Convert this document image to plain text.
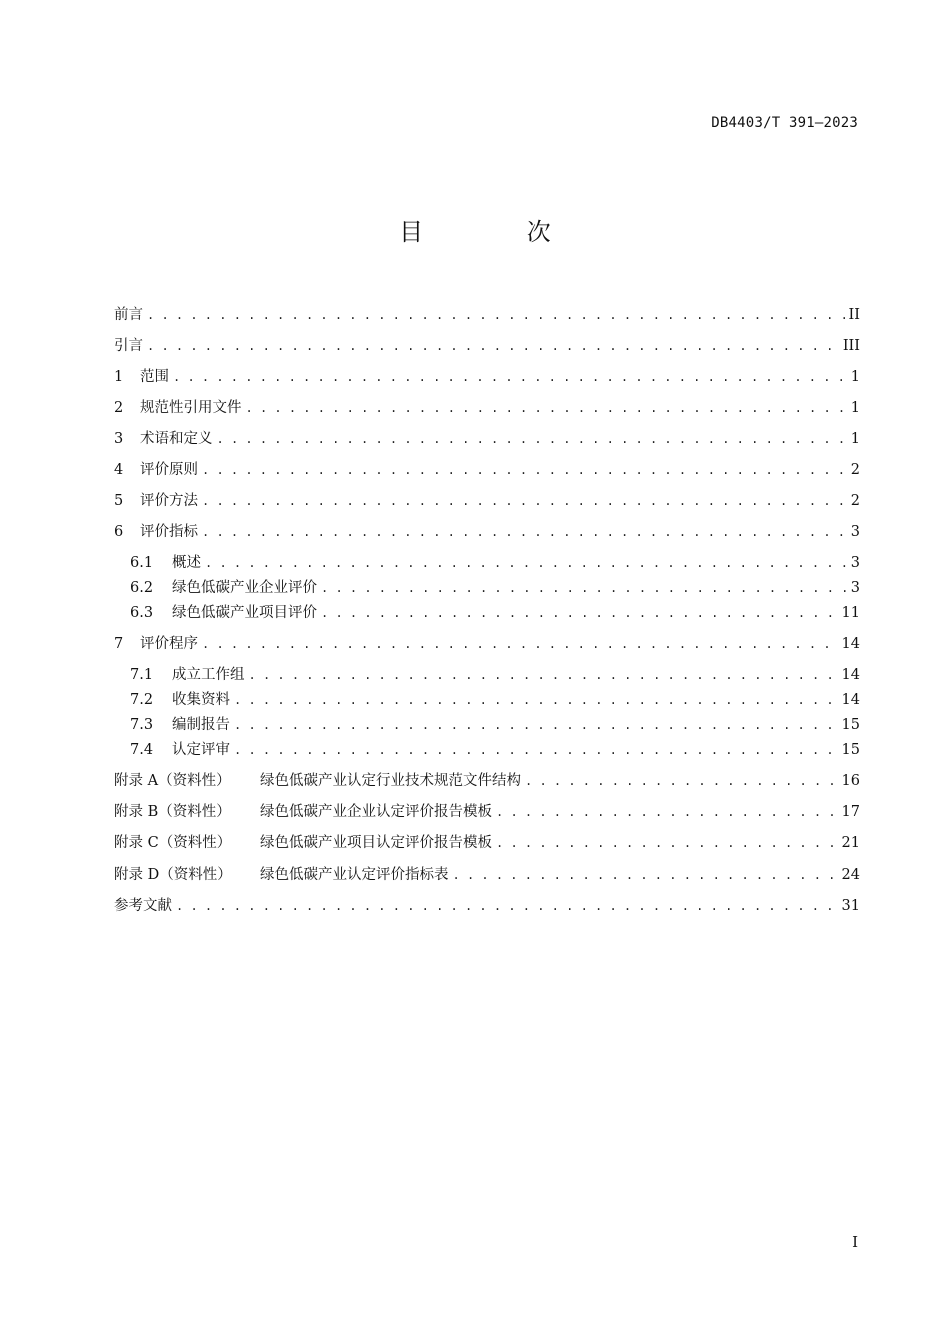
DB4403/T 391—2023
目 次
前言 . . .	II
引言 . . .	III
1	范围 . . .	1
2	规范性引用文件 . . .	1
3	术语和定义 . . .	1
4	评价原则 . . .	2
5	评价方法 . . .	2
6	评价指标 . . .	3
6.1	概述 . . .	3
6.2	绿色低碳产业企业评价 . . .	3
6.3	绿色低碳产业项目评价 . . .	11
7	评价程序 . . .	14
7.1	成立工作组 . . .	14
7.2	收集资料 . . .	14
7.3	编制报告 . . .	15
7.4	认定评审 . . .	15
附录 A（资料性）	绿色低碳产业认定行业技术规范文件结构 . . .	16
附录 B（资料性）	绿色低碳产业企业认定评价报告模板 . . .	17
附录 C（资料性）	绿色低碳产业项目认定评价报告模板 . . .	21
附录 D（资料性）	绿色低碳产业认定评价指标表 . . .	24
参考文献 . . .	31
I
